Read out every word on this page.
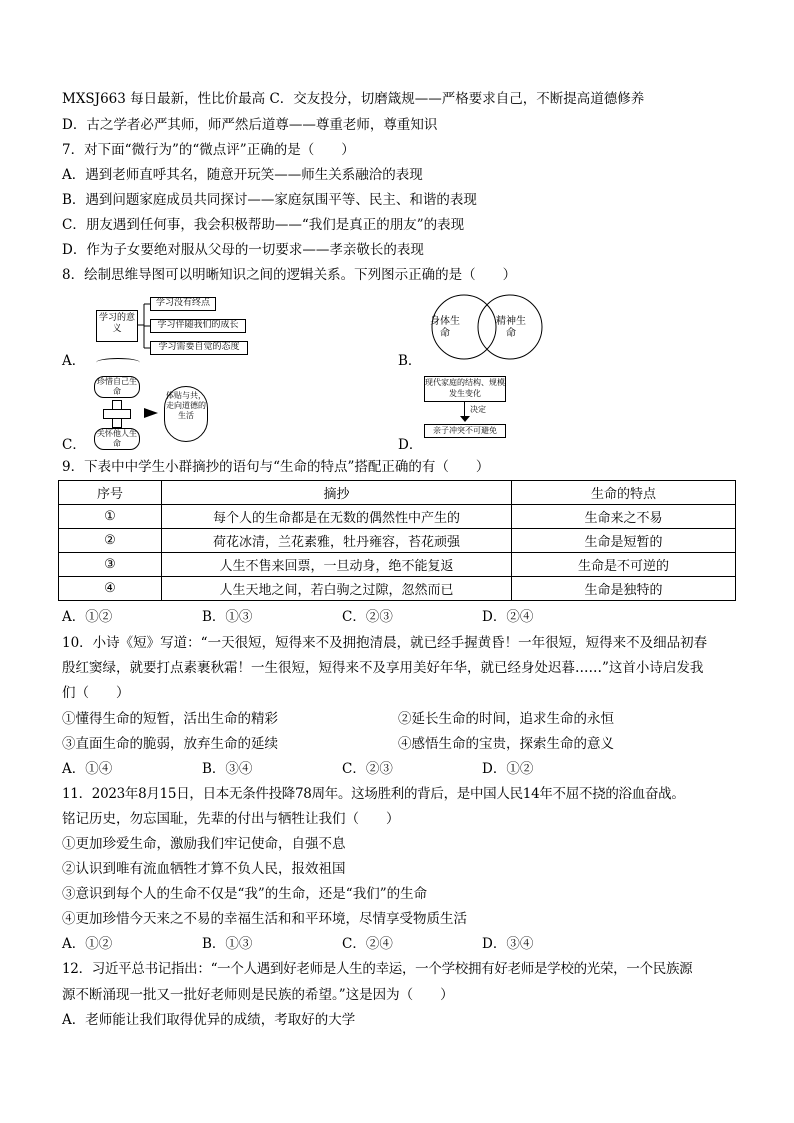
MXSJ663 每日最新，性比价最高 C．交友投分，切磨箴规——严格要求自己，不断提高道德修养
D．古之学者必严其师，师严然后道尊——尊重老师，尊重知识
7．对下面“微行为”的“微点评”正确的是（　　）
A．遇到老师直呼其名，随意开玩笑——师生关系融洽的表现
B．遇到问题家庭成员共同探讨——家庭氛围平等、民主、和谐的表现
C．朋友遇到任何事，我会积极帮助——“我们是真正的朋友”的表现
D．作为子女要绝对服从父母的一切要求——孝亲敬长的表现
8．绘制思维导图可以明晰知识之间的逻辑关系。下列图示正确的是（　　）
学习的意义
学习没有终点
学习伴随我们的成长
学习需要自觉的态度
A．
身体生命
精神生命
B．
珍惜自己生命
关怀他人生命
体贴与共，走向道德的生活
C．
现代家庭的结构、规模发生变化
决定
亲子冲突不可避免
D．
9．下表中中学生小群摘抄的语句与“生命的特点”搭配正确的有（　　）
序号	摘抄	生命的特点
①	每个人的生命都是在无数的偶然性中产生的	生命来之不易
②	荷花冰清，兰花素雅，牡丹雍容，苔花顽强	生命是短暂的
③	人生不售来回票，一旦动身，绝不能复返	生命是不可逆的
④	人生天地之间，若白驹之过隙，忽然而已	生命是独特的
A．①②	B．①③	C．②③	D．②④
10．小诗《短》写道：“一天很短，短得来不及拥抱清晨，就已经手握黄昏！一年很短，短得来不及细品初春
殷红窦绿，就要打点素裹秋霜！一生很短，短得来不及享用美好年华，就已经身处迟暮……”这首小诗启发我
们（　　）
①懂得生命的短暂，活出生命的精彩	②延长生命的时间，追求生命的永恒
③直面生命的脆弱，放弃生命的延续	④感悟生命的宝贵，探索生命的意义
A．①④	B．③④	C．②③	D．①②
11．2023年8月15日，日本无条件投降78周年。这场胜利的背后，是中国人民14年不屈不挠的浴血奋战。
铭记历史，勿忘国耻，先辈的付出与牺牲让我们（　　）
①更加珍爱生命，激励我们牢记使命，自强不息
②认识到唯有流血牺牲才算不负人民，报效祖国
③意识到每个人的生命不仅是“我”的生命，还是“我们”的生命
④更加珍惜今天来之不易的幸福生活和和平环境，尽情享受物质生活
A．①②	B．①③	C．②④	D．③④
12．习近平总书记指出：“一个人遇到好老师是人生的幸运，一个学校拥有好老师是学校的光荣，一个民族源
源不断涌现一批又一批好老师则是民族的希望。”这是因为（　　）
A．老师能让我们取得优异的成绩，考取好的大学
